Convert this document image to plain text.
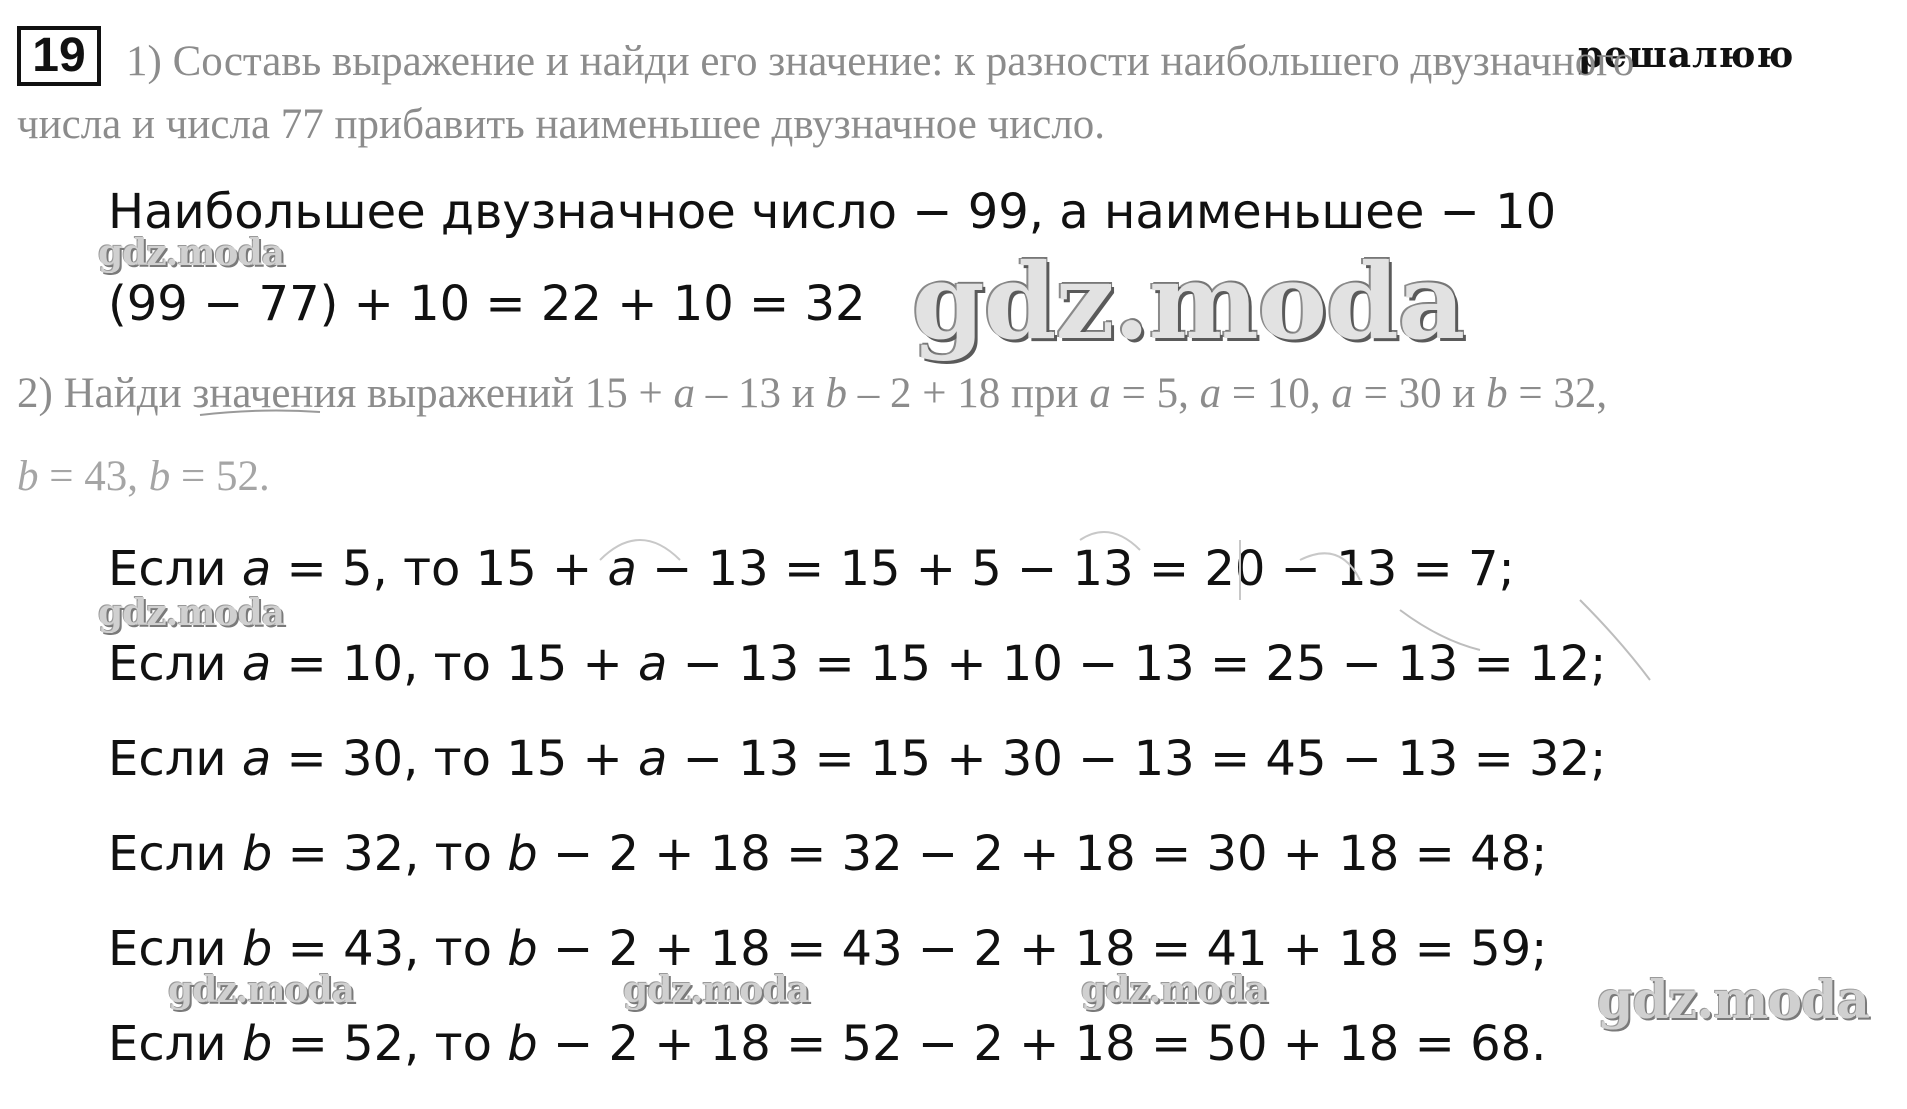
19	решалюю
1) Составь выражение и найди его значение: к разности наибольшего двузначного
числа и числа 77 прибавить наименьшее двузначное число.
Наибольшее двузначное число − 99, а наименьшее − 10
(99 − 77) + 10 = 22 + 10 = 32
2) Найди значения выражений 15 + a – 13 и b – 2 + 18 при a = 5, a = 10, a = 30 и b = 32,
b = 43, b = 52.
Если a = 5, то 15 + a − 13 = 15 + 5 − 13 = 20 − 13 = 7;
Если a = 10, то 15 + a − 13 = 15 + 10 − 13 = 25 − 13 = 12;
Если a = 30, то 15 + a − 13 = 15 + 30 − 13 = 45 − 13 = 32;
Если b = 32, то b − 2 + 18 = 32 − 2 + 18 = 30 + 18 = 48;
Если b = 43, то b − 2 + 18 = 43 − 2 + 18 = 41 + 18 = 59;
Если b = 52, то b − 2 + 18 = 52 − 2 + 18 = 50 + 18 = 68.
gdz.moda	gdz.moda
gdz.moda
gdz.moda	gdz.moda	gdz.moda	gdz.moda
